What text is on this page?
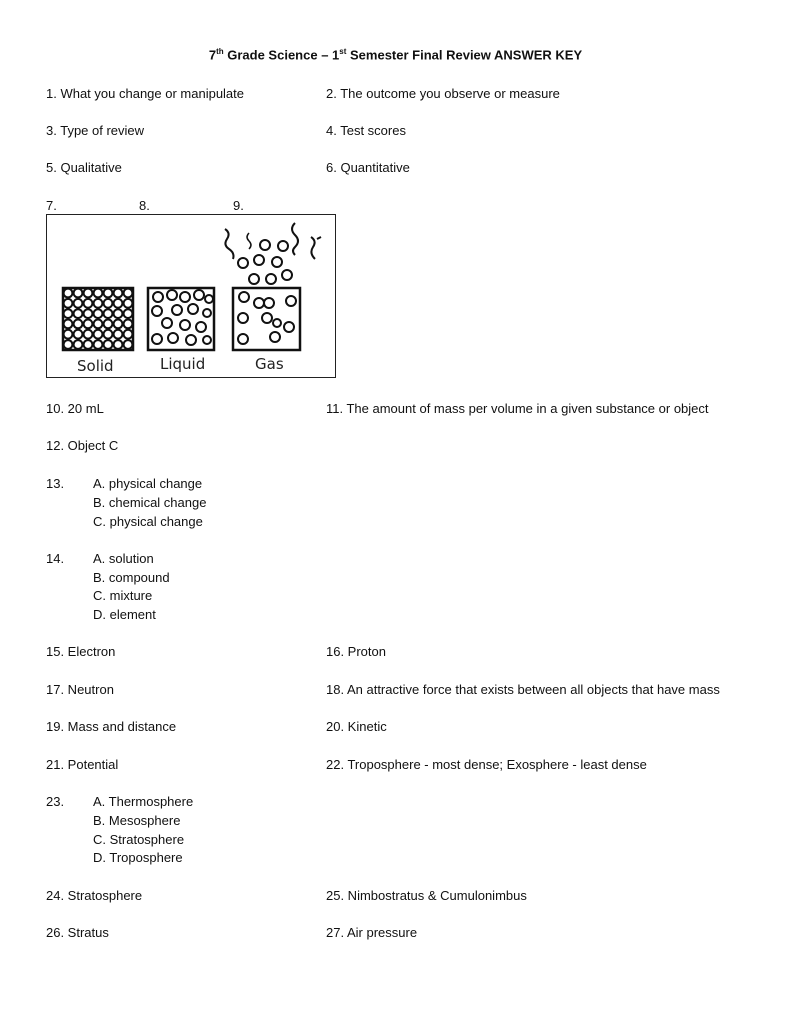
7th Grade Science – 1st Semester Final Review ANSWER KEY
1. What you change or manipulate	2. The outcome you observe or measure
3. Type of review	4. Test scores
5. Qualitative	6. Quantitative
7.	8.	9.
Solid	Liquid	Gas
10. 20 mL	11. The amount of mass per volume in a given substance or object
12. Object C
13. A. physical change
B. chemical change
C. physical change
14. A. solution
B. compound
C. mixture
D. element
15. Electron	16. Proton
17. Neutron	18. An attractive force that exists between all objects that have mass
19. Mass and distance	20. Kinetic
21. Potential	22. Troposphere - most dense; Exosphere - least dense
23. A. Thermosphere
B. Mesosphere
C. Stratosphere
D. Troposphere
24. Stratosphere	25. Nimbostratus & Cumulonimbus
26. Stratus	27. Air pressure
